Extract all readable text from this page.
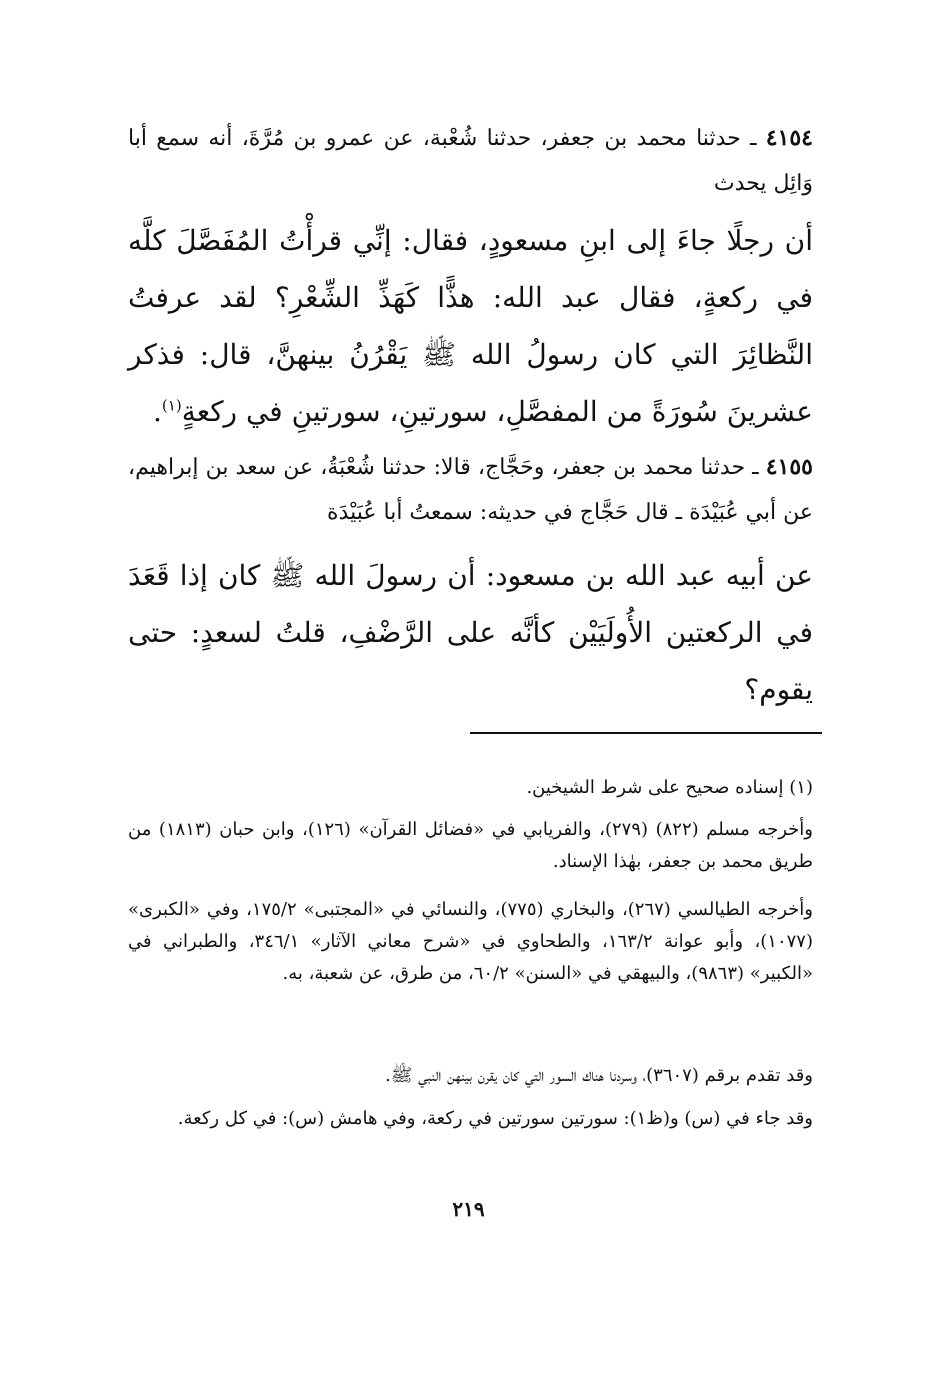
٤١٥٤ ـ حدثنا محمد بن جعفر، حدثنا شُعْبة، عن عمرو بن مُرَّةَ، أنه سمع أبا وَائِل يحدث

أن رجلًا جاءَ إلى ابنِ مسعودٍ، فقال: إنِّي قرأْتُ المُفَصَّلَ كلَّه في ركعةٍ، فقال عبد الله: هذًّا كَهَذِّ الشِّعْرِ؟ لقد عرفتُ النَّظائِرَ التي كان رسولُ الله ﷺ يَقْرُنُ بينهنَّ، قال: فذكر عشرينَ سُورَةً من المفصَّلِ، سورتينِ، سورتينِ في ركعةٍ$^{(١)}$.

٤١٥٥ ـ حدثنا محمد بن جعفر، وحَجَّاج، قالا: حدثنا شُعْبَةُ، عن سعد بن إبراهيم، عن أبي عُبَيْدَة ـ قال حَجَّاج في حديثه: سمعتُ أبا عُبَيْدَة

عن أبيه عبد الله بن مسعود: أن رسولَ الله ﷺ كان إذا قَعَدَ في الركعتين الأُولَيَيْن كأنَّه على الرَّضْفِ، قلتُ لسعدٍ: حتى يقوم؟

(١) إسناده صحيح على شرط الشيخين.

وأخرجه مسلم (٨٢٢) (٢٧٩)، والفريابي في «فضائل القرآن» (١٢٦)، وابن حبان (١٨١٣) من طريق محمد بن جعفر، بهٰذا الإسناد.

وأخرجه الطيالسي (٢٦٧)، والبخاري (٧٧٥)، والنسائي في «المجتبى» ١٧٥/٢، وفي «الكبرى» (١٠٧٧)، وأبو عوانة ١٦٣/٢، والطحاوي في «شرح معاني الآثار» ٣٤٦/١، والطبراني في «الكبير» (٩٨٦٣)، والبيهقي في «السنن» ٦٠/٢، من طرق، عن شعبة، به.

وقد تقدم برقم (٣٦٠٧)، وسردنا هناك السور التي كان يقرن بينهن النبي ﷺ.

وقد جاء في (س) و(ظ١): سورتين سورتين في ركعة، وفي هامش (س): في كل ركعة.

٢١٩
